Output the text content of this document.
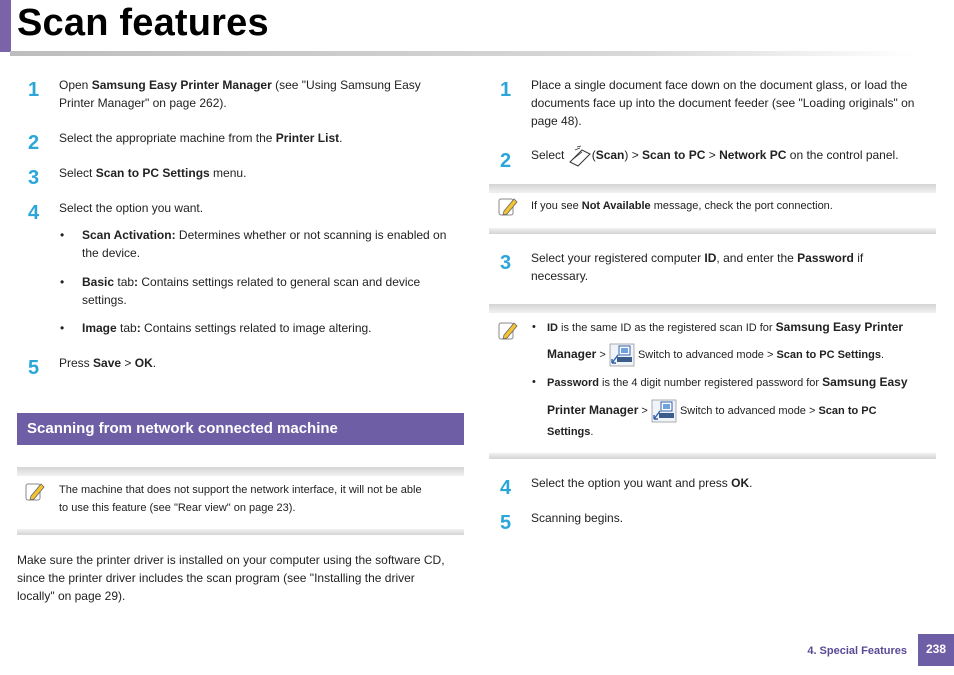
Scan features
1 Open Samsung Easy Printer Manager (see "Using Samsung Easy
Printer Manager" on page 262).
2 Select the appropriate machine from the Printer List.
3 Select Scan to PC Settings menu.
4 Select the option you want.
• Scan Activation: Determines whether or not scanning is enabled on
the device.
• Basic tab: Contains settings related to general scan and device
settings.
• Image tab: Contains settings related to image altering.
5 Press Save > OK.
Scanning from network connected machine
The machine that does not support the network interface, it will not be able
to use this feature (see "Rear view" on page 23).
Make sure the printer driver is installed on your computer using the software CD,
since the printer driver includes the scan program (see "Installing the driver
locally" on page 29).
1 Place a single document face down on the document glass, or load the
documents face up into the document feeder (see "Loading originals" on
page 48).
2 Select (Scan) > Scan to PC > Network PC on the control panel.
If you see Not Available message, check the port connection.
3 Select your registered computer ID, and enter the Password if
necessary.
• ID is the same ID as the registered scan ID for Samsung Easy Printer
Manager >  Switch to advanced mode > Scan to PC Settings.
• Password is the 4 digit number registered password for Samsung Easy
Printer Manager >  Switch to advanced mode > Scan to PC
Settings.
4 Select the option you want and press OK.
5 Scanning begins.
4. Special Features	238
